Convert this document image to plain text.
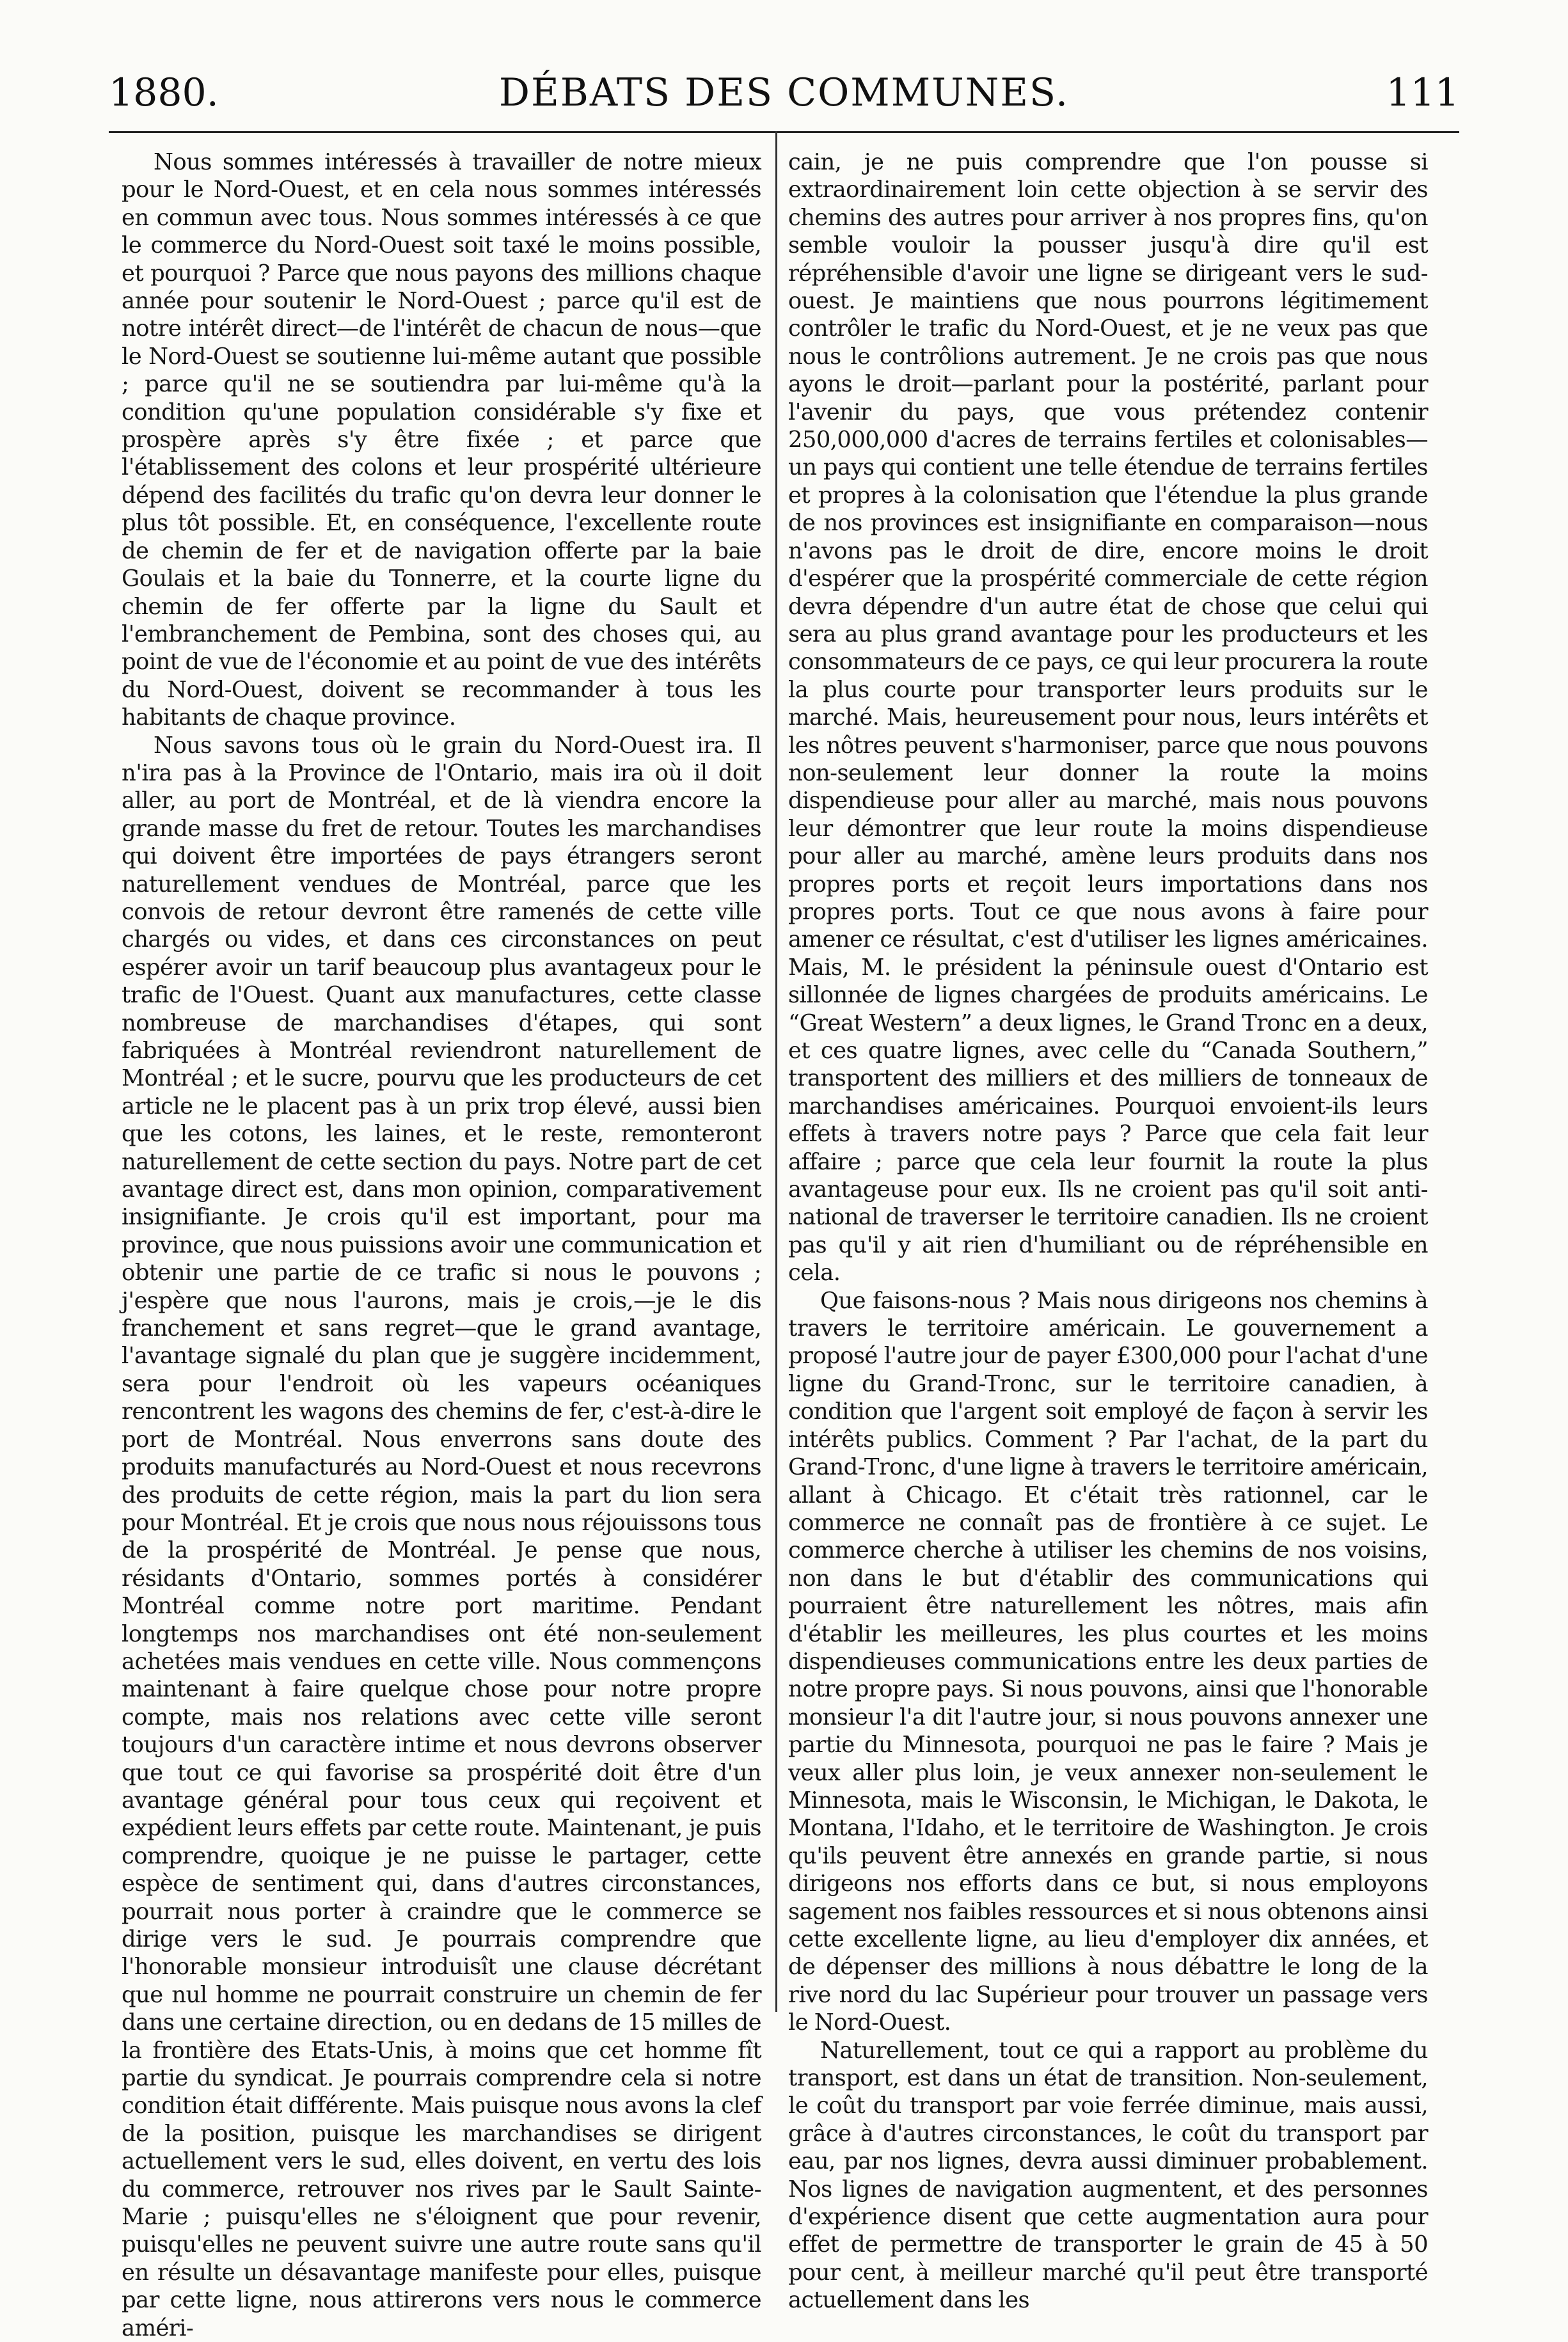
1880.	DÉBATS DES COMMUNES.	111

Nous sommes intéressés à travailler de notre mieux pour le Nord-Ouest, et en cela nous sommes intéressés en commun avec tous. Nous sommes intéressés à ce que le commerce du Nord-Ouest soit taxé le moins possible, et pourquoi ? Parce que nous payons des millions chaque année pour soutenir le Nord-Ouest ; parce qu'il est de notre intérêt direct—de l'intérêt de chacun de nous—que le Nord-Ouest se soutienne lui-même autant que possible ; parce qu'il ne se soutiendra par lui-même qu'à la condition qu'une population considérable s'y fixe et prospère après s'y être fixée ; et parce que l'établissement des colons et leur prospérité ultérieure dépend des facilités du trafic qu'on devra leur donner le plus tôt possible. Et, en conséquence, l'excellente route de chemin de fer et de navigation offerte par la baie Goulais et la baie du Tonnerre, et la courte ligne du chemin de fer offerte par la ligne du Sault et l'embranchement de Pembina, sont des choses qui, au point de vue de l'économie et au point de vue des intérêts du Nord-Ouest, doivent se recommander à tous les habitants de chaque province.

Nous savons tous où le grain du Nord-Ouest ira. Il n'ira pas à la Province de l'Ontario, mais ira où il doit aller, au port de Montréal, et de là viendra encore la grande masse du fret de retour. Toutes les marchandises qui doivent être importées de pays étrangers seront naturellement vendues de Montréal, parce que les convois de retour devront être ramenés de cette ville chargés ou vides, et dans ces circonstances on peut espérer avoir un tarif beaucoup plus avantageux pour le trafic de l'Ouest. Quant aux manufactures, cette classe nombreuse de marchandises d'étapes, qui sont fabriquées à Montréal reviendront naturellement de Montréal ; et le sucre, pourvu que les producteurs de cet article ne le placent pas à un prix trop élevé, aussi bien que les cotons, les laines, et le reste, remonteront naturellement de cette section du pays. Notre part de cet avantage direct est, dans mon opinion, comparativement insignifiante. Je crois qu'il est important, pour ma province, que nous puissions avoir une communication et obtenir une partie de ce trafic si nous le pouvons ; j'espère que nous l'aurons, mais je crois,—je le dis franchement et sans regret—que le grand avantage, l'avantage signalé du plan que je suggère incidemment, sera pour l'endroit où les vapeurs océaniques rencontrent les wagons des chemins de fer, c'est-à-dire le port de Montréal. Nous enverrons sans doute des produits manufacturés au Nord-Ouest et nous recevrons des produits de cette région, mais la part du lion sera pour Montréal. Et je crois que nous nous réjouissons tous de la prospérité de Montréal. Je pense que nous, résidants d'Ontario, sommes portés à considérer Montréal comme notre port maritime. Pendant longtemps nos marchandises ont été non-seulement achetées mais vendues en cette ville. Nous commençons maintenant à faire quelque chose pour notre propre compte, mais nos relations avec cette ville seront toujours d'un caractère intime et nous devrons observer que tout ce qui favorise sa prospérité doit être d'un avantage général pour tous ceux qui reçoivent et expédient leurs effets par cette route. Maintenant, je puis comprendre, quoique je ne puisse le partager, cette espèce de sentiment qui, dans d'autres circonstances, pourrait nous porter à craindre que le commerce se dirige vers le sud. Je pourrais comprendre que l'honorable monsieur introduisît une clause décrétant que nul homme ne pourrait construire un chemin de fer dans une certaine direction, ou en dedans de 15 milles de la frontière des Etats-Unis, à moins que cet homme fît partie du syndicat. Je pourrais comprendre cela si notre condition était différente. Mais puisque nous avons la clef de la position, puisque les marchandises se dirigent actuellement vers le sud, elles doivent, en vertu des lois du commerce, retrouver nos rives par le Sault Sainte-Marie ; puisqu'elles ne s'éloignent que pour revenir, puisqu'elles ne peuvent suivre une autre route sans qu'il en résulte un désavantage manifeste pour elles, puisque par cette ligne, nous attirerons vers nous le commerce améri-

cain, je ne puis comprendre que l'on pousse si extraordinairement loin cette objection à se servir des chemins des autres pour arriver à nos propres fins, qu'on semble vouloir la pousser jusqu'à dire qu'il est répréhensible d'avoir une ligne se dirigeant vers le sud-ouest. Je maintiens que nous pourrons légitimement contrôler le trafic du Nord-Ouest, et je ne veux pas que nous le contrôlions autrement. Je ne crois pas que nous ayons le droit—parlant pour la postérité, parlant pour l'avenir du pays, que vous prétendez contenir 250,000,000 d'acres de terrains fertiles et colonisables—un pays qui contient une telle étendue de terrains fertiles et propres à la colonisation que l'étendue la plus grande de nos provinces est insignifiante en comparaison—nous n'avons pas le droit de dire, encore moins le droit d'espérer que la prospérité commerciale de cette région devra dépendre d'un autre état de chose que celui qui sera au plus grand avantage pour les producteurs et les consommateurs de ce pays, ce qui leur procurera la route la plus courte pour transporter leurs produits sur le marché. Mais, heureusement pour nous, leurs intérêts et les nôtres peuvent s'harmoniser, parce que nous pouvons non-seulement leur donner la route la moins dispendieuse pour aller au marché, mais nous pouvons leur démontrer que leur route la moins dispendieuse pour aller au marché, amène leurs produits dans nos propres ports et reçoit leurs importations dans nos propres ports. Tout ce que nous avons à faire pour amener ce résultat, c'est d'utiliser les lignes américaines. Mais, M. le président la péninsule ouest d'Ontario est sillonnée de lignes chargées de produits américains. Le “Great Western” a deux lignes, le Grand Tronc en a deux, et ces quatre lignes, avec celle du “Canada Southern,” transportent des milliers et des milliers de tonneaux de marchandises américaines. Pourquoi envoient-ils leurs effets à travers notre pays ? Parce que cela fait leur affaire ; parce que cela leur fournit la route la plus avantageuse pour eux. Ils ne croient pas qu'il soit anti-national de traverser le territoire canadien. Ils ne croient pas qu'il y ait rien d'humiliant ou de répréhensible en cela.

Que faisons-nous ? Mais nous dirigeons nos chemins à travers le territoire américain. Le gouvernement a proposé l'autre jour de payer £300,000 pour l'achat d'une ligne du Grand-Tronc, sur le territoire canadien, à condition que l'argent soit employé de façon à servir les intérêts publics. Comment ? Par l'achat, de la part du Grand-Tronc, d'une ligne à travers le territoire américain, allant à Chicago. Et c'était très rationnel, car le commerce ne connaît pas de frontière à ce sujet. Le commerce cherche à utiliser les chemins de nos voisins, non dans le but d'établir des communications qui pourraient être naturellement les nôtres, mais afin d'établir les meilleures, les plus courtes et les moins dispendieuses communications entre les deux parties de notre propre pays. Si nous pouvons, ainsi que l'honorable monsieur l'a dit l'autre jour, si nous pouvons annexer une partie du Minnesota, pourquoi ne pas le faire ? Mais je veux aller plus loin, je veux annexer non-seulement le Minnesota, mais le Wisconsin, le Michigan, le Dakota, le Montana, l'Idaho, et le territoire de Washington. Je crois qu'ils peuvent être annexés en grande partie, si nous dirigeons nos efforts dans ce but, si nous employons sagement nos faibles ressources et si nous obtenons ainsi cette excellente ligne, au lieu d'employer dix années, et de dépenser des millions à nous débattre le long de la rive nord du lac Supérieur pour trouver un passage vers le Nord-Ouest.

Naturellement, tout ce qui a rapport au problème du transport, est dans un état de transition. Non-seulement, le coût du transport par voie ferrée diminue, mais aussi, grâce à d'autres circonstances, le coût du transport par eau, par nos lignes, devra aussi diminuer probablement. Nos lignes de navigation augmentent, et des personnes d'expérience disent que cette augmentation aura pour effet de permettre de transporter le grain de 45 à 50 pour cent, à meilleur marché qu'il peut être transporté actuellement dans les
